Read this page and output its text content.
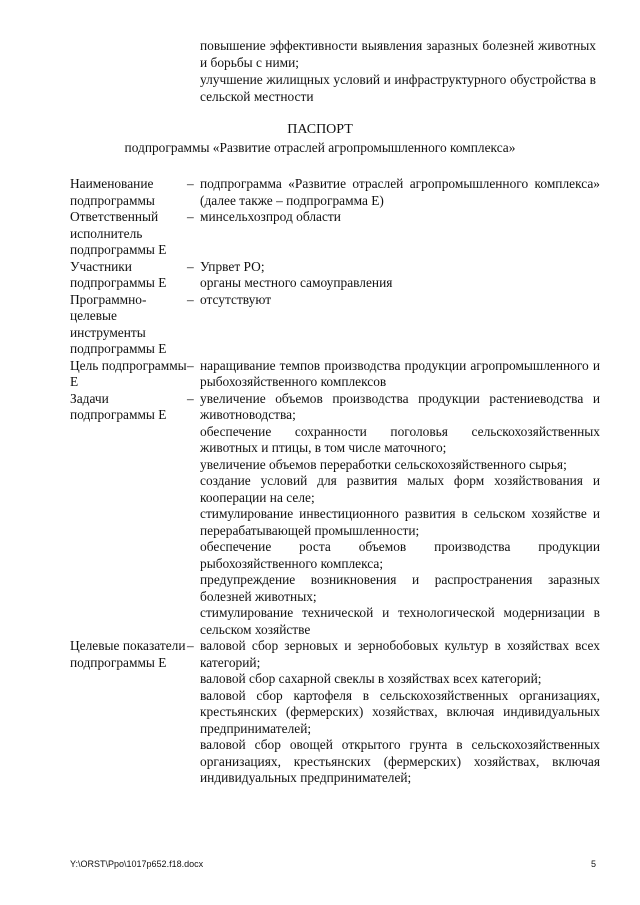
повышение эффективности выявления заразных болезней животных и борьбы с ними;

улучшение жилищных условий и инфраструктурного обустройства в сельской местности

ПАСПОРТ

подпрограммы «Развитие отраслей агропромышленного комплекса»

Наименование подпрограммы
– подпрограмма «Развитие отраслей агропромышленного комплекса» (далее также – подпрограмма Е)

Ответственный исполнитель подпрограммы Е
– минсельхозпрод области

Участники подпрограммы Е
– Упрвет РО;

органы местного самоуправления

Программно-целевые инструменты подпрограммы Е
– отсутствуют

Цель подпрограммы Е
– наращивание темпов производства продукции агропромышленного и рыбохозяйственного комплексов

Задачи подпрограммы Е
– увеличение объемов производства продукции растениеводства и животноводства;

обеспечение сохранности поголовья сельскохозяйственных животных и птицы, в том числе маточного;

увеличение объемов переработки сельскохозяйственного сырья;

создание условий для развития малых форм хозяйствования и кооперации на селе;

стимулирование инвестиционного развития в сельском хозяйстве и перерабатывающей промышленности;

обеспечение роста объемов производства продукции рыбохозяйственного комплекса;

предупреждение возникновения и распространения заразных болезней животных;

стимулирование технической и технологической модернизации в сельском хозяйстве

Целевые показатели подпрограммы Е
– валовой сбор зерновых и зернобобовых культур в хозяйствах всех категорий;

валовой сбор сахарной свеклы в хозяйствах всех категорий;

валовой сбор картофеля в сельскохозяйственных организациях, крестьянских (фермерских) хозяйствах, включая индивидуальных предпринимателей;

валовой сбор овощей открытого грунта в сельскохозяйственных организациях, крестьянских (фермерских) хозяйствах, включая индивидуальных предпринимателей;

Y:\ORST\Ppo\1017p652.f18.docx	5
